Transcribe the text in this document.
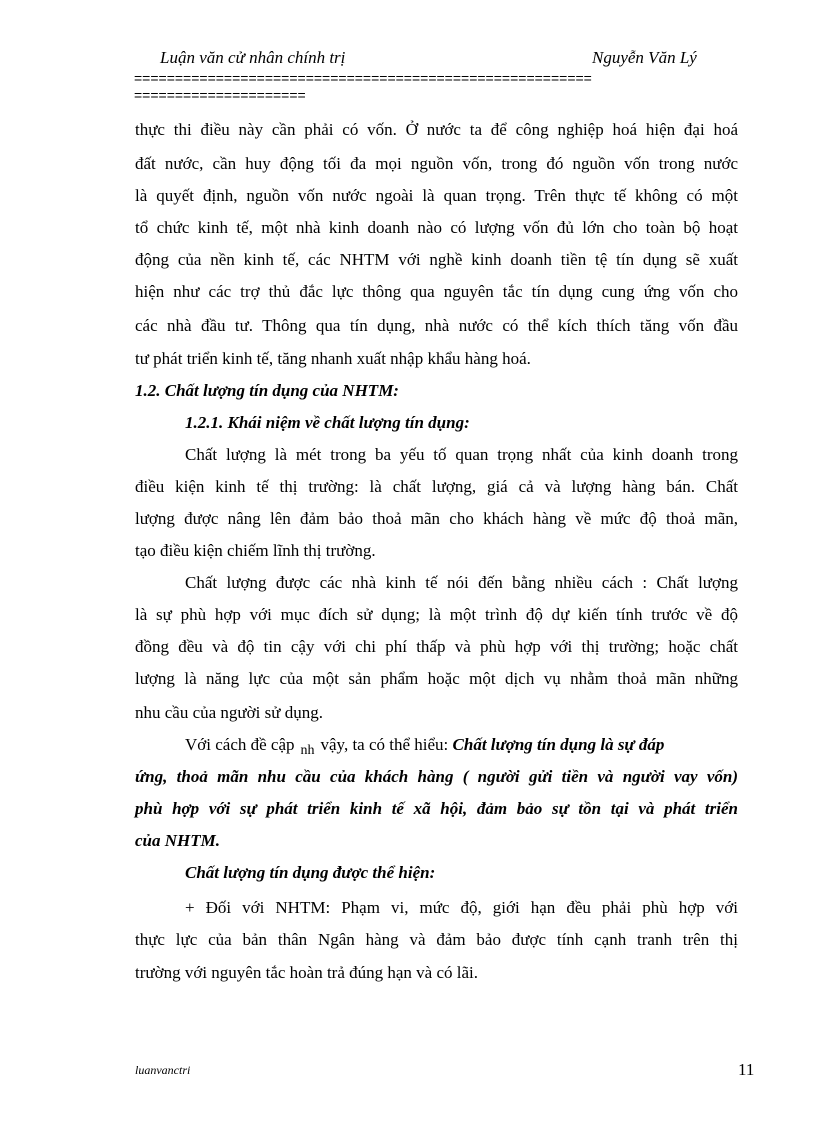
Luận văn cử nhân chính trị	Nguyễn Văn Lý
========================================================
=====================
thực thi điều này cần phải có vốn. Ở nước ta để công nghiệp hoá hiện đại hoá
đất nước, cần huy động tối đa mọi nguồn vốn, trong đó nguồn vốn trong nước
là quyết định, nguồn vốn nước ngoài là quan trọng. Trên thực tế không có một
tổ chức kinh tế, một nhà kinh doanh nào có lượng vốn đủ lớn cho toàn bộ hoạt
động của nền kinh tế, các NHTM với nghề kinh doanh tiền tệ tín dụng sẽ xuất
hiện như các trợ thủ đắc lực thông qua nguyên tắc tín dụng cung ứng vốn cho
các nhà đầu tư. Thông qua tín dụng, nhà nước có thể kích thích tăng vốn đầu
tư phát triển kinh tế, tăng nhanh xuất nhập khẩu hàng hoá.
1.2. Chất lượng tín dụng của NHTM:
1.2.1. Khái niệm về chất lượng tín dụng:
Chất lượng là mét trong ba yếu tố quan trọng nhất của kinh doanh trong
điều kiện kinh tế thị trường: là chất lượng, giá cả và lượng hàng bán. Chất
lượng được nâng lên đảm bảo thoả mãn cho khách hàng về mức độ thoả mãn,
tạo điều kiện chiếm lĩnh thị trường.
Chất lượng được các nhà kinh tế nói đến bằng nhiều cách : Chất lượng
là sự phù hợp với mục đích sử dụng; là một trình độ dự kiến tính trước về độ
đồng đều và độ tin cậy với chi phí thấp và phù hợp với thị trường; hoặc chất
lượng là năng lực của một sản phẩm hoặc một dịch vụ nhằm thoả mãn những
nhu cầu của người sử dụng.
Với cách đề cập $_{nh}$ vậy, ta có thể hiểu: Chất lượng tín dụng là sự đáp
ứng, thoả mãn nhu cầu của khách hàng ( người gửi tiền và người vay vốn)
phù hợp với sự phát triển kinh tế xã hội, đảm bảo sự tồn tại và phát triển
của NHTM.
Chất lượng tín dụng được thể hiện:
+ Đối với NHTM: Phạm vi, mức độ, giới hạn đều phải phù hợp với
thực lực của bản thân Ngân hàng và đảm bảo được tính cạnh tranh trên thị
trường với nguyên tắc hoàn trả đúng hạn và có lãi.
luanvanctri	11
